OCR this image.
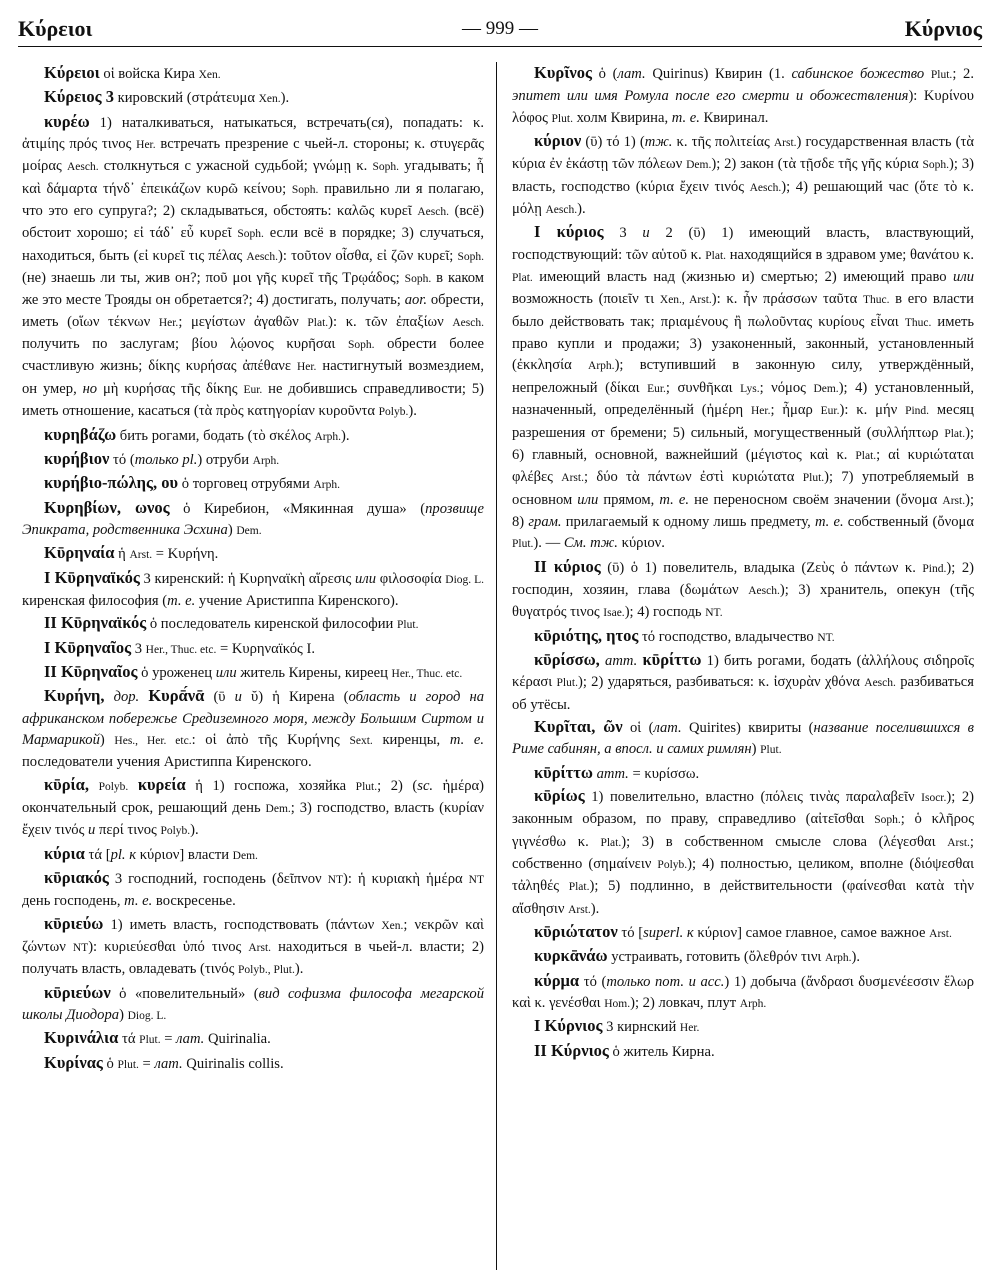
Κύρειοι	— 999 —	Κύρνιος
Κύρειοι οἱ войска Кира Xen.
Κύρειος 3 кировский (στράτευμα Xen.).
κυρέω 1) наталкиваться, натыкаться, встречать(ся), попадать: κ. ἀτιμίης πρός τινος Her. встречать презрение с чьей-л. стороны; κ. στυγερᾶς μοίρας Aesch. столкнуться с ужасной судьбой; γνώμῃ κ. Soph. угадывать; ἦ καὶ δάμαρτα τήνδ᾽ ἐπεικάζων κυρῶ κείνου; Soph. правильно ли я полагаю, что это его супруга?; 2) складываться, обстоять: καλῶς κυρεῖ Aesch. (всё) обстоит хорошо; εἰ τάδ᾽ εὖ κυρεῖ Soph. если всё в порядке; 3) случаться, находиться, быть (εἰ κυρεῖ τις πέλας Aesch.): τοῦτον οἶσθα, εἰ ζῶν κυρεῖ; Soph. (не) знаешь ли ты, жив он?; ποῦ μοι γῆς κυρεῖ τῆς Τρῳάδος; Soph. в каком же это месте Трояды он обретается?; 4) достигать, получать; aor. обрести, иметь (οἵων τέκνων Her.; μεγίστων ἀγαθῶν Plat.): κ. τῶν ἐπαξίων Aesch. получить по заслугам; βίου λῴονος κυρῆσαι Soph. обрести более счастливую жизнь; δίκης κυρήσας ἀπέθανε Her. настигнутый возмездием, он умер, но μὴ κυρήσας τῆς δίκης Eur. не добившись справедливости; 5) иметь отношение, касаться (τὰ πρὸς κατηγορίαν κυροῦντα Polyb.).
κυρηβάζω бить рогами, бодать (τὸ σκέλος Arph.).
κυρήβιον τό (только pl.) отруби Arph.
κυρήβιο-πώλης, ου ὁ торговец отрубями Arph.
Κυρηβίων, ωνος ὁ Киребион, «Мякинная душа» (прозвище Эпикрата, родственника Эсхина) Dem.
Κῡρηναία ἡ Arst. = Κυρήνη.
I Κῡρηναϊκός 3 киренский: ἡ Κυρηναϊκὴ αἵρεσις или φιλοσοφία Diog. L. киренская философия (т. е. учение Аристиппа Киренского).
II Κῡρηναϊκός ὁ последователь киренской философии Plut.
I Κῡρηναῖος 3 Her., Thuc. etc. = Κυρηναϊκός I.
II Κῡρηναῖος ὁ уроженец или житель Кирены, киреец Her., Thuc. etc.
Κυρήνη, дор. Κυρᾱ́νᾱ (ῡ и ῠ) ἡ Кирена (область и город на африканском побережье Средиземного моря, между Большим Сиртом и Мармарикой) Hes., Her. etc.: οἱ ἀπὸ τῆς Κυρήνης Sext. киренцы, т. е. последователи учения Аристиппа Киренского.
κῡρία, Polyb. κυρεία ἡ 1) госпожа, хозяйка Plut.; 2) (sc. ἡμέρα) окончательный срок, решающий день Dem.; 3) господство, власть (κυρίαν ἔχειν τινός и περί τινος Polyb.).
κύρια τά [pl. к κύριον] власти Dem.
κῡριακός 3 господний, господень (δεῖπνον NT): ἡ κυριακὴ ἡμέρα NT день господень, т. е. воскресенье.
κῡριεύω 1) иметь власть, господствовать (πάντων Xen.; νεκρῶν καὶ ζώντων NT): κυριεύεσθαι ὑπό τινος Arst. находиться в чьей-л. власти; 2) получать власть, овладевать (τινός Polyb., Plut.).
κῡριεύων ὁ «повелительный» (вид софизма философа мегарской школы Диодора) Diog. L.
Κυρινάλια τά Plut. = лат. Quirinalia.
Κυρίνας ὁ Plut. = лат. Quirinalis collis.
Κυρῖνος ὁ (лат. Quirinus) Квирин (1. сабинское божество Plut.; 2. эпитет или имя Ромула после его смерти и обожествления): Κυρίνου λόφος Plut. холм Квирина, т. е. Квиринал.
κύριον (ῡ) τό 1) (тж. κ. τῆς πολιτείας Arst.) государственная власть (τὰ κύρια ἐν ἑκάστῃ τῶν πόλεων Dem.); 2) закон (τὰ τῇσδε τῆς γῆς κύρια Soph.); 3) власть, господство (κύρια ἔχειν τινός Aesch.); 4) решающий час (ὅτε τὸ κ. μόλῃ Aesch.).
I κύριος 3 и 2 (ῡ) 1) имеющий власть, властвующий, господствующий: τῶν αὑτοῦ κ. Plat. находящийся в здравом уме; θανάτου κ. Plat. имеющий власть над (жизнью и) смертью; 2) имеющий право или возможность (ποιεῖν τι Xen., Arst.): κ. ἦν πράσσων ταῦτα Thuc. в его власти было действовать так; πριαμένους ἢ πωλοῦντας κυρίους εἶναι Thuc. иметь право купли и продажи; 3) узаконенный, законный, установленный (ἐκκλησία Arph.); вступивший в законную силу, утверждённый, непреложный (δίκαι Eur.; συνθῆκαι Lys.; νόμος Dem.); 4) установленный, назначенный, определённый (ἡμέρη Her.; ἦμαρ Eur.): κ. μήν Pind. месяц разрешения от бремени; 5) сильный, могущественный (συλλήπτωρ Plat.); 6) главный, основной, важнейший (μέγιστος καὶ κ. Plat.; αἱ κυριώταται φλέβες Arst.; δύο τὰ πάντων ἐστὶ κυριώτατα Plut.); 7) употребляемый в основном или прямом, т. е. не переносном своём значении (ὄνομα Arst.); 8) грам. прилагаемый к одному лишь предмету, т. е. собственный (ὄνομα Plut.). — См. тж. κύριον.
II κύριος (ῡ) ὁ 1) повелитель, владыка (Ζεὺς ὁ πάντων κ. Pind.); 2) господин, хозяин, глава (δωμάτων Aesch.); 3) хранитель, опекун (τῆς θυγατρός τινος Isae.); 4) господь NT.
κῡριότης, ητος τό господство, владычество NT.
κῡρίσσω, атт. κῡρίττω 1) бить рогами, бодать (ἀλλήλους σιδηροῖς κέρασι Plut.); 2) ударяться, разбиваться: κ. ἰσχυρὰν χθόνα Aesch. разбиваться об утёсы.
Κυρῖται, ῶν οἱ (лат. Quirites) квириты (название поселившихся в Риме сабинян, а впосл. и самих римлян) Plut.
κῡρίττω атт. = κυρίσσω.
κῡρίως 1) повелительно, властно (πόλεις τινὰς παραλαβεῖν Isocr.); 2) законным образом, по праву, справедливо (αἰτεῖσθαι Soph.; ὁ κλῆρος γιγνέσθω κ. Plat.); 3) в собственном смысле слова (λέγεσθαι Arst.; собственно (σημαίνειν Polyb.); 4) полностью, целиком, вполне (διόψεσθαι τἀληθές Plat.); 5) подлинно, в действительности (φαίνεσθαι κατὰ τὴν αἴσθησιν Arst.).
κῡριώτατον τό [superl. к κύριον] самое главное, самое важное Arst.
κυρκᾱνάω устраивать, готовить (ὄλεθρόν τινι Arph.).
κύρμα τό (только пот. и асс.) 1) добыча (ἄνδρασι δυσμενέεσσιν ἕλωρ καὶ κ. γενέσθαι Hom.); 2) ловкач, плут Arph.
I Κύρνιος 3 кирнский Her.
II Κύρνιος ὁ житель Кирна.
